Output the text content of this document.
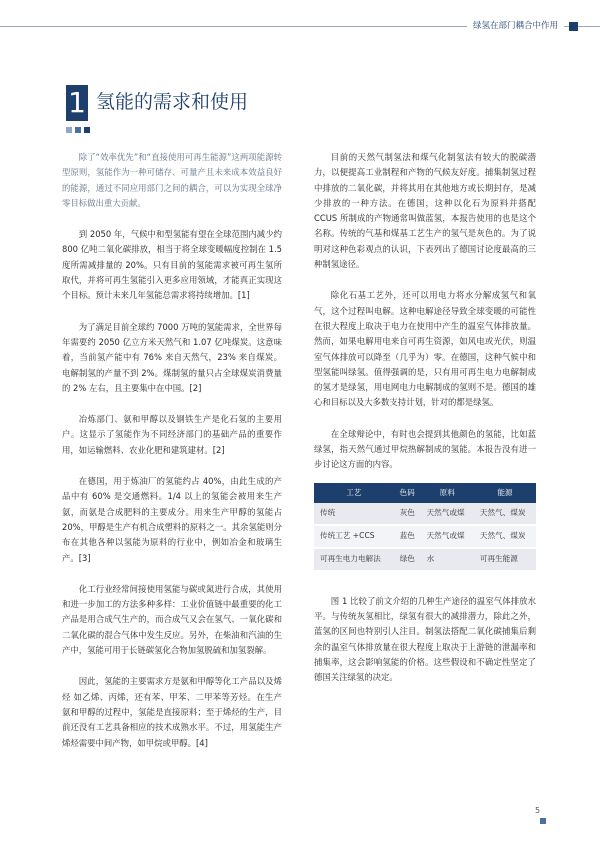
绿氢在部门耦合中作用
1 氢能的需求和使用

除了“效率优先”和“直接使用可再生能源”这两项能源转型原则，氢能作为一种可储存、可量产且未来成本效益良好的能源，通过不同应用部门之间的耦合，可以为实现全球净零目标做出重大贡献。

到 2050 年，气候中和型氢能有望在全球范围内减少约 800 亿吨二氧化碳排放，相当于将全球变暖幅度控制在 1.5 度所需减排量的 20%。只有目前的氢能需求被可再生氢所取代，并将可再生氢能引入更多应用领域，才能真正实现这个目标。预计未来几年氢能总需求将持续增加。[1]

为了满足目前全球约 7000 万吨的氢能需求，全世界每年需要约 2050 亿立方米天然气和 1.07 亿吨煤炭。这意味着，当前氢产能中有 76% 来自天然气，23% 来自煤炭。电解制氢的产量不到 2%。煤制氢的量只占全球煤炭消费量的 2% 左右，且主要集中在中国。[2]

冶炼部门、氨和甲醇以及钢铁生产是化石氢的主要用户。这显示了氢能作为不同经济部门的基础产品的重要作用，如运输燃料、农业化肥和建筑建材。[2]

在德国，用于炼油厂的氢能约占 40%，由此生成的产品中有 60% 是交通燃料。1/4 以上的氢能会被用来生产氨，而氨是合成肥料的主要成分。用来生产甲醇的氢能占 20%，甲醇是生产有机合成塑料的原料之一。其余氢能则分布在其他各种以氢能为原料的行业中，例如冶金和玻璃生产。[3]

化工行业经常间接使用氢能与碳或氮进行合成，其使用和进一步加工的方法多种多样：工业价值链中最重要的化工产品是用合成气生产的，而合成气又会在氢气、一氧化碳和二氧化碳的混合气体中发生反应。另外，在柴油和汽油的生产中，氢能可用于长链碳氢化合物加氢脱硫和加氢裂解。

因此，氢能的主要需求方是氨和甲醇等化工产品以及烯烃 如乙烯、丙烯，还有苯、甲苯、二甲苯等芳烃。在生产氨和甲醇的过程中，氢能是直接原料；至于烯烃的生产，目前还没有工艺具备相应的技术成熟水平。不过，用氢能生产烯烃需要中间产物，如甲烷或甲醇。[4]

目前的天然气制氢法和煤气化制氢法有较大的脱碳潜力，以便提高工业制程和产物的气候友好度。捕集制氢过程中排放的二氧化碳，并将其用在其他地方或长期封存，是减少排放的一种方法。在德国，这种以化石为原料并搭配 CCUS 所制成的产物通常叫做蓝氢，本报告使用的也是这个名称。传统的气基和煤基工艺生产的氢气是灰色的。为了说明对这种色彩观点的认识，下表列出了德国讨论度最高的三种制氢途径。

除化石基工艺外，还可以用电力将水分解成氢气和氧气，这个过程叫电解。这种电解途径导致全球变暖的可能性在很大程度上取决于电力在使用中产生的温室气体排放量。然而，如果电解用电来自可再生资源，如风电或光伏，则温室气体排放可以降至（几乎为）零。在德国，这种气候中和型氢能叫绿氢。值得强调的是，只有用可再生电力电解制成的氢才是绿氢，用电网电力电解制成的氢则不是。德国的雄心和目标以及大多数支持计划，针对的都是绿氢。

在全球辩论中，有时也会提到其他颜色的氢能，比如蓝绿氢，指天然气通过甲烷热解制成的氢能。本报告没有进一步讨论这方面的内容。

工艺	色码	原料	能源
传统	灰色	天然气或煤	天然气、煤炭
传统工艺 +CCS	蓝色	天然气或煤	天然气、煤炭
可再生电力电解法	绿色	水	可再生能源

图 1 比较了前文介绍的几种生产途径的温室气体排放水平。与传统灰氢相比，绿氢有很大的减排潜力，除此之外，蓝氢的区间也特别引人注目。制氢法搭配二氧化碳捕集后剩余的温室气体排放量在很大程度上取决于上游链的泄漏率和捕集率，这会影响氢能的价格。这些假设和不确定性坚定了德国关注绿氢的决定。

5
